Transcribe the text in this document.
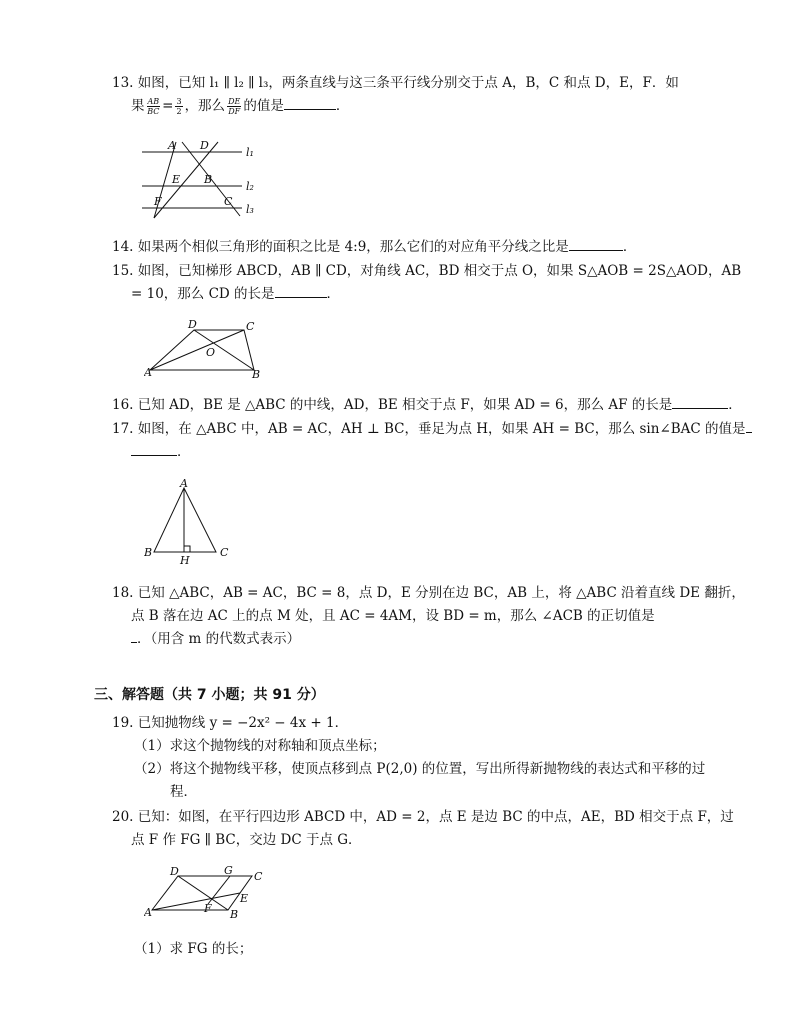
13. 如图，已知 l₁ ∥ l₂ ∥ l₃，两条直线与这三条平行线分别交于点 A，B，C 和点 D，E，F．如
果 $\frac{AB}{BC} = \frac{3}{2}$ ，那么 $\frac{DE}{DF}$ 的值是	．
A D
E B
F	C
l₁
l₂
l₃
14. 如果两个相似三角形的面积之比是 4:9，那么它们的对应角平分线之比是	．
15. 如图，已知梯形 ABCD，AB ∥ CD，对角线 AC，BD 相交于点 O，如果 S△AOB = 2S△AOD，AB
= 10，那么 CD 的长是	．
D	C
O
A	B
16. 已知 AD，BE 是 △ABC 的中线，AD，BE 相交于点 F，如果 AD = 6，那么 AF 的长是	．
17. 如图，在 △ABC 中，AB = AC，AH ⊥ BC，垂足为点 H，如果 AH = BC，那么 sin∠BAC 的值是
．
A
B
H
C
18. 已知 △ABC，AB = AC，BC = 8，点 D，E 分别在边 BC，AB 上，将 △ABC 沿着直线 DE 翻折，
点 B 落在边 AC 上的点 M 处，且 AC = 4AM，设 BD = m，那么 ∠ACB 的正切值是
．（用含 m 的代数式表示）
三、解答题（共 7 小题；共 91 分）
19. 已知抛物线 y = −2x² − 4x + 1．
（1）求这个抛物线的对称轴和顶点坐标；
（2）将这个抛物线平移，使顶点移到点 P(2,0) 的位置，写出所得新抛物线的表达式和平移的过
程．
20. 已知：如图，在平行四边形 ABCD 中，AD = 2，点 E 是边 BC 的中点，AE，BD 相交于点 F，过
点 F 作 FG ∥ BC，交边 DC 于点 G．
D	G C
E
F
A	B
（1）求 FG 的长；
